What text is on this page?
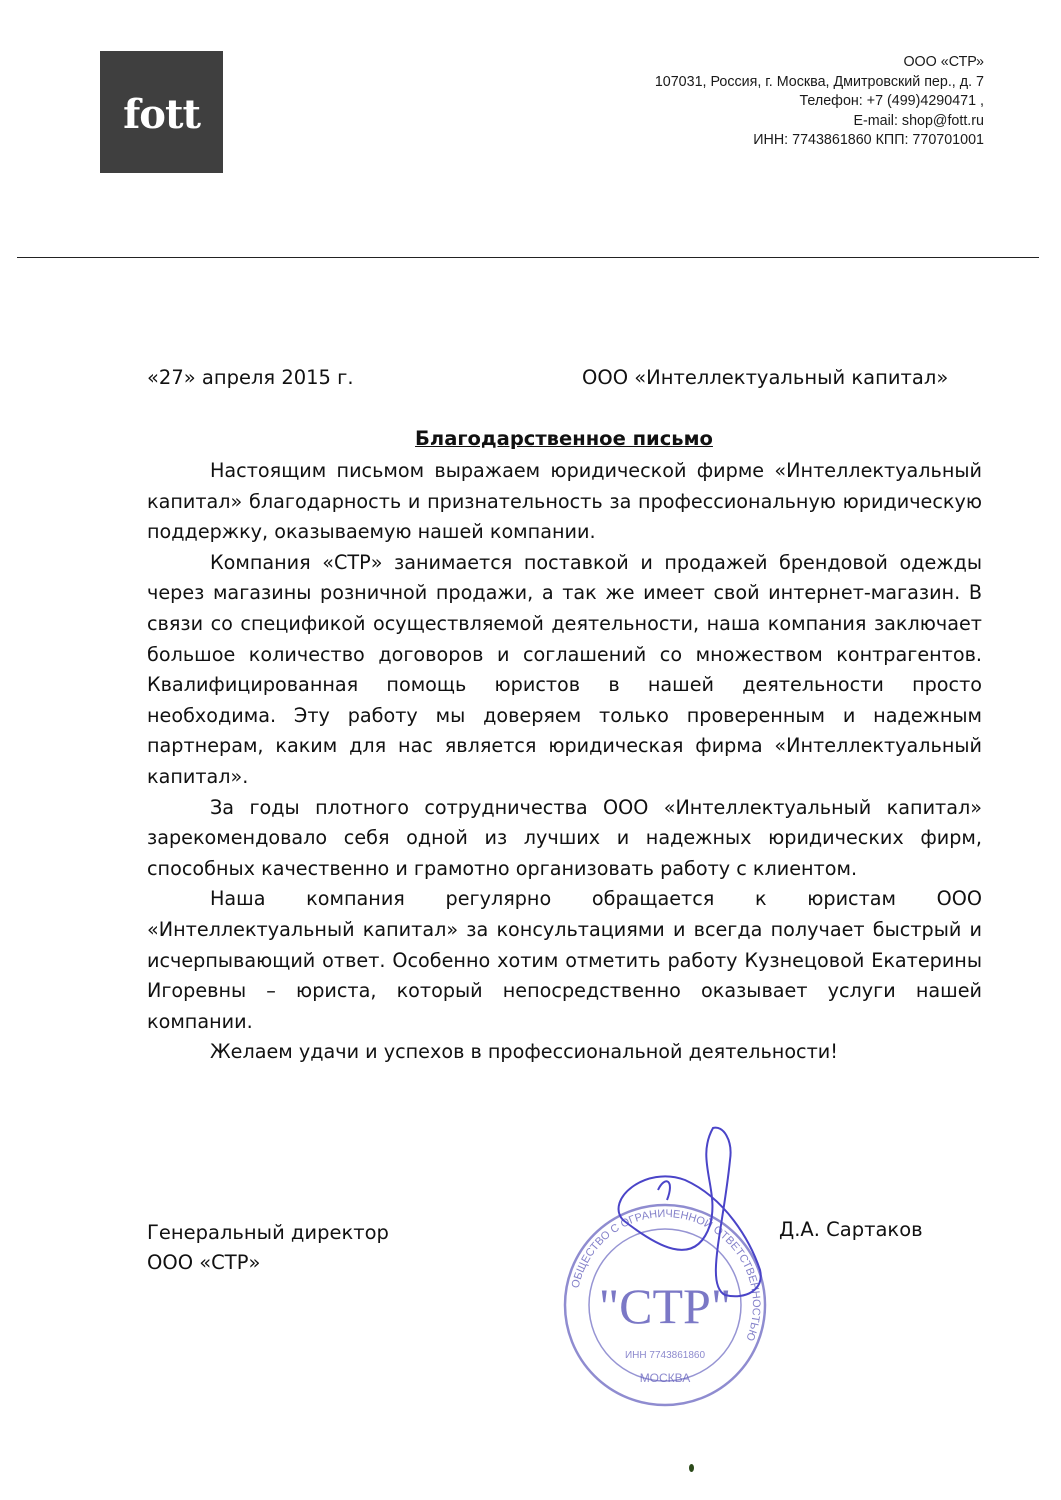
fott
ООО «СТР»
107031, Россия, г. Москва, Дмитровский пер., д. 7
Телефон: +7 (499)4290471 ,
E-mail: shop@fott.ru
ИНН: 7743861860 КПП: 770701001
«27» апреля 2015 г.	ООО «Интеллектуальный капитал»
Благодарственное письмо

Настоящим письмом выражаем юридической фирме «Интеллектуальный капитал» благодарность и признательность за профессиональную юридическую поддержку, оказываемую нашей компании.

Компания «СТР» занимается поставкой и продажей брендовой одежды через магазины розничной продажи, а так же имеет свой интернет-магазин. В связи со спецификой осуществляемой деятельности, наша компания заключает большое количество договоров и соглашений со множеством контрагентов. Квалифицированная помощь юристов в нашей деятельности просто необходима. Эту работу мы доверяем только проверенным и надежным партнерам, каким для нас является юридическая фирма «Интеллектуальный капитал».

За годы плотного сотрудничества ООО «Интеллектуальный капитал» зарекомендовало себя одной из лучших и надежных юридических фирм, способных качественно и грамотно организовать работу с клиентом.

Наша компания регулярно обращается к юристам ООО «Интеллектуальный капитал» за консультациями и всегда получает быстрый и исчерпывающий ответ. Особенно хотим отметить работу Кузнецовой Екатерины Игоревны – юриста, который непосредственно оказывает услуги нашей компании.

Желаем удачи и успехов в профессиональной деятельности!

Генеральный директор
ООО «СТР»
Д.А. Сартаков
"СТР"
ОБЩЕСТВО С ОГРАНИЧЕННОЙ ОТВЕТСТВЕННОСТЬЮ
ИНН 7743861860
МОСКВА
